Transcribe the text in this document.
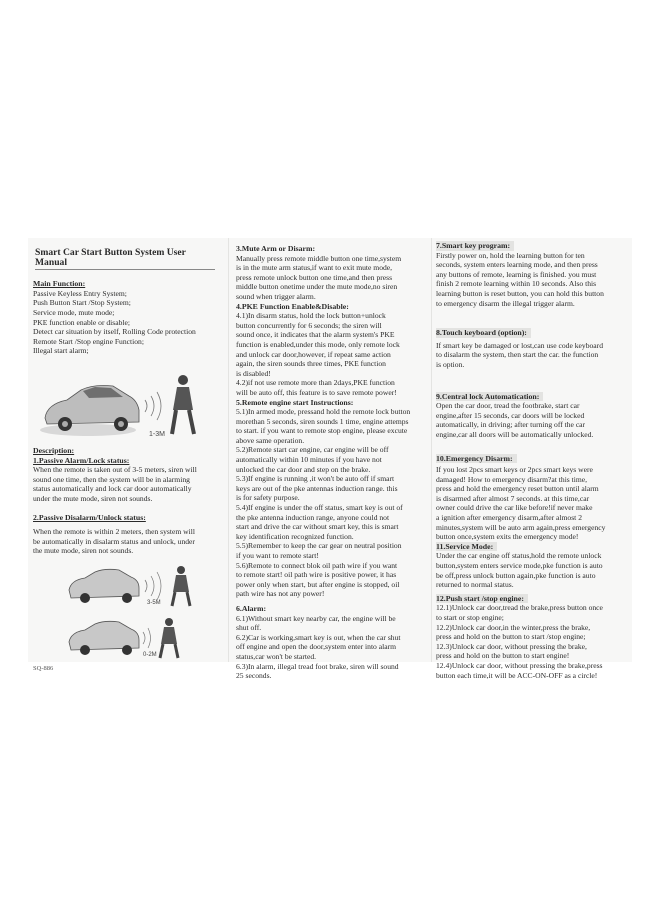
Smart Car Start Button System User Manual
Main Function:
Passive Keyless Entry System;
Push Button Start /Stop System;
Service mode, mute mode;
PKE function enable or disable;
Detect car situation by itself, Rolling Code protection
Remote Start /Stop engine Function;
Illegal start alarm;
1-3M
Description:
1.Passive Alarm/Lock status:
When the remote is taken out of 3-5 meters, siren will
sound one time, then the system will be in alarming
status automatically and lock car door automatically
under the mute mode, siren not sounds.
2.Passive Disalarm/Unlock status:
When the remote is within 2 meters, then system will
be automatically in disalarm status and unlock, under
the mute mode, siren not sounds.
3-5M
0-2M
SQ-886
3.Mute Arm or Disarm:
Manually press remote middle button one time,system
is in the mute arm status,if want to exit mute mode,
press remote unlock button one time,and then press
middle button onetime under the mute mode,no siren
sound when trigger alarm.
4.PKE Function Enable&Disable:
4.1)In disarm status, hold the lock button+unlock
button concurrently for 6 seconds; the siren will
sound once, it indicates that the alarm system's PKE
function is enabled,under this mode, only remote lock
and unlock car door,however, if repeat same action
again, the siren sounds three times, PKE function
is disabled!
4.2)if not use remote more than 2days,PKE function
will be auto off, this feature is to save remote power!
5.Remote engine start Instructions:
5.1)In armed mode, pressand hold the remote lock button
morethan 5 seconds, siren sounds 1 time, engine attemps
to start. if you want to remote stop engine, please excute
above same operation.
5.2)Remote start car engine, car engine will be off
automatically within 10 minutes if you have not
unlocked the car door and step on the brake.
5.3)If engine is running ,it won't be auto off if smart
keys are out of the pke antennas induction range. this
is for safety purpose.
5.4)If engine is under the off status, smart key is out of
the pke antenna induction range, anyone could not
start and drive the car without smart key, this is smart
key identification recognized function.
5.5)Remember to keep the car gear on neutral position
if you want to remote start!
5.6)Remote to connect blok oil path wire if you want
to remote start! oil path wire is positive power, it has
power only when start, but after engine is stopped, oil
path wire has not any power!
6.Alarm:
6.1)Without smart key nearby car, the engine will be
shut off.
6.2)Car is working,smart key is out, when the car shut
off engine and open the door,system enter into alarm
status,car won't be started.
6.3)In alarm, illegal tread foot brake, siren will sound
25 seconds.
7.Smart key program:
Firstly power on, hold the learning button for ten
seconds, system enters learning mode, and then press
any buttons of remote, learning is finished. you must
finish 2 remote learning within 10 seconds. Also this
learning button is reset button, you can hold this button
to emergency disarm the illegal trigger alarm.
8.Touch keyboard (option):
If smart key be damaged or lost,can use code keyboard
to disalarm the system, then start the car. the function
is option.
9.Central lock Automatication:
Open the car door, tread the footbrake, start car
engine,after 15 seconds, car doors will be locked
automatically, in driving; after turning off the car
engine,car all doors will be automatically unlocked.
10.Emergency Disarm:
If you lost 2pcs smart keys or 2pcs smart keys were
damaged! How to emergency disarm?at this time,
press and hold the emergency reset button until alarm
is disarmed after almost 7 seconds. at this time,car
owner could drive the car like before!if never make
a ignition after emergency disarm,after almost 2
minutes,system will be auto arm again,press emergency
button once,system exits the emergency mode!
11.Service Mode:
Under the car engine off status,hold the remote unlock
button,system enters service mode,pke function is auto
be off,press unlock button again,pke function is auto
returned to normal status.
12.Push start /stop engine:
12.1)Unlock car door,tread the brake,press button once
to start or stop engine;
12.2)Unlock car door,in the winter,press the brake,
press and hold on the button to start /stop engine;
12.3)Unlock car door, without pressing the brake,
press and hold on the button to start engine!
12.4)Unlock car door, without pressing the brake,press
button each time,it will be ACC-ON-OFF as a circle!
